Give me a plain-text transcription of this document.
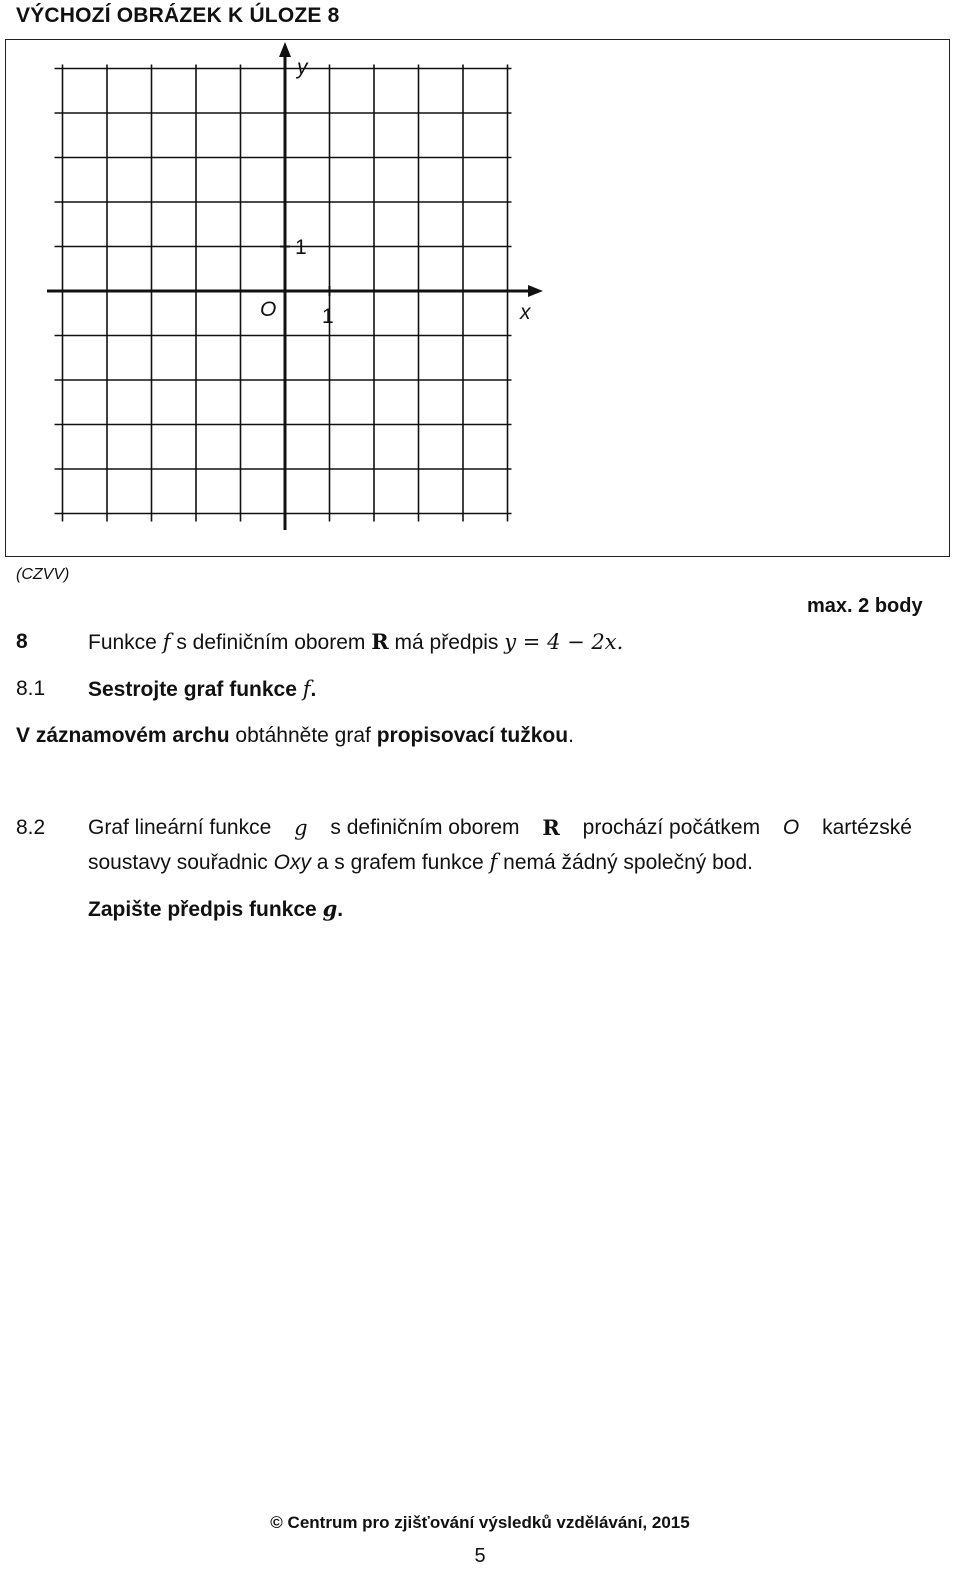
VÝCHOZÍ OBRÁZEK K ÚLOZE 8
y
x
O 1
1
(CZVV)
max. 2 body
8	Funkce f s definičním oborem R má předpis y = 4 − 2x.
8.1 Sestrojte graf funkce f.
V záznamovém archu obtáhněte graf propisovací tužkou.
8.2 Graf lineární funkce g s definičním oborem R prochází počátkem O kartézské
soustavy souřadnic Oxy a s grafem funkce f nemá žádný společný bod.
Zapište předpis funkce g.
© Centrum pro zjišťování výsledků vzdělávání, 2015
5
